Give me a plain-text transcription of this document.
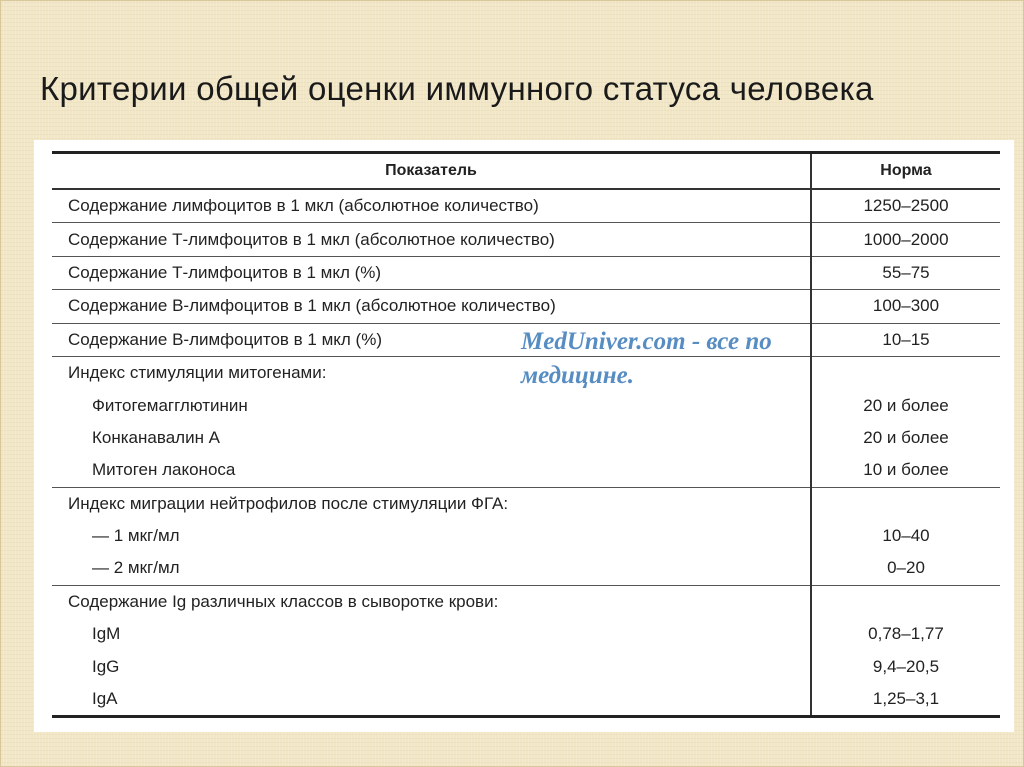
Критерии общей оценки иммунного статуса человека
Показатель	Норма
Содержание лимфоцитов в 1 мкл (абсолютное количество)	1250–2500
Содержание Т-лимфоцитов в 1 мкл (абсолютное количество)	1000–2000
Содержание Т-лимфоцитов в 1 мкл (%)	55–75
Содержание В-лимфоцитов в 1 мкл (абсолютное количество)	100–300
Содержание В-лимфоцитов в 1 мкл (%)	10–15
Индекс стимуляции митогенами:	
Фитогемагглютинин	20 и более
Конканавалин А	20 и более
Митоген лаконоса	10 и более
Индекс миграции нейтрофилов после стимуляции ФГА:	
— 1 мкг/мл	10–40
— 2 мкг/мл	0–20
Содержание Ig различных классов в сыворотке крови:	
IgM	0,78–1,77
IgG	9,4–20,5
IgA	1,25–3,1
MedUniver.com - все по
медицине.
